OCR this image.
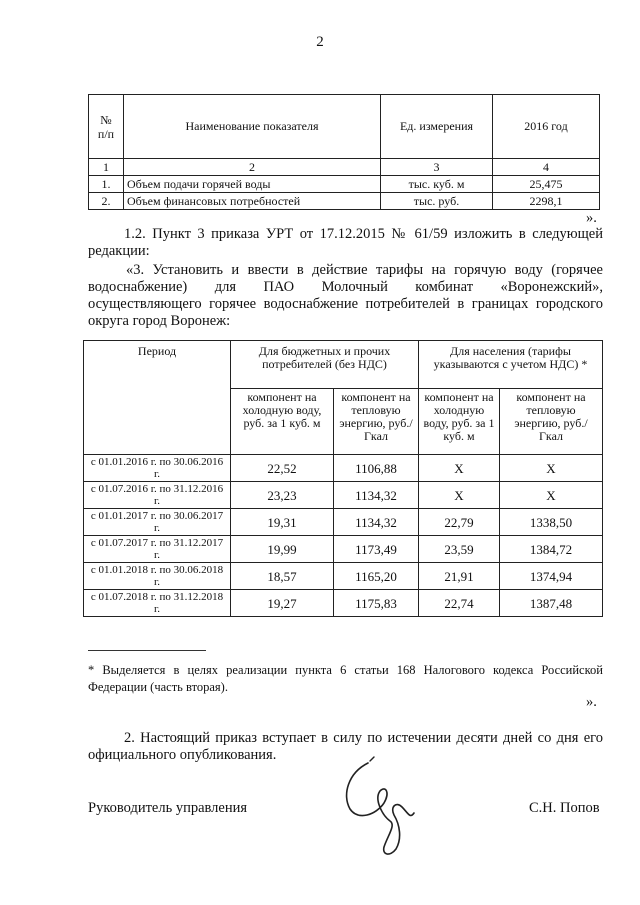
2
№
п/п	Наименование показателя	Ед. измерения	2016 год
1	2	3	4
1.	Объем подачи горячей воды	тыс. куб. м	25,475
2.	Объем финансовых потребностей	тыс. руб.	2298,1
».
1.2. Пункт 3 приказа УРТ от 17.12.2015 № 61/59 изложить в следующей
редакции:
«3. Установить и ввести в действие тарифы на горячую воду (горячее
водоснабжение) для ПАО Молочный комбинат «Воронежский»,
осуществляющего горячее водоснабжение потребителей в границах городского
округа город Воронеж:
Период	Для бюджетных и прочих потребителей (без НДС)		Для населения (тарифы указываются с учетом НДС) *	
	компонент на холодную воду, руб. за 1 куб. м	компонент на тепловую энергию, руб./Гкал	компонент на холодную воду, руб. за 1 куб. м	компонент на тепловую энергию, руб./Гкал
с 01.01.2016 г. по 30.06.2016 г.	22,52	1106,88	Х	Х
с 01.07.2016 г. по 31.12.2016 г.	23,23	1134,32	Х	Х
с 01.01.2017 г. по 30.06.2017 г.	19,31	1134,32	22,79	1338,50
с 01.07.2017 г. по 31.12.2017 г.	19,99	1173,49	23,59	1384,72
с 01.01.2018 г. по 30.06.2018 г.	18,57	1165,20	21,91	1374,94
с 01.07.2018 г. по 31.12.2018 г.	19,27	1175,83	22,74	1387,48
* Выделяется в целях реализации пункта 6 статьи 168 Налогового кодекса Российской Федерации (часть вторая).
».
2. Настоящий приказ вступает в силу по истечении десяти дней со дня его
официального опубликования.
Руководитель управления	С.Н. Попов
